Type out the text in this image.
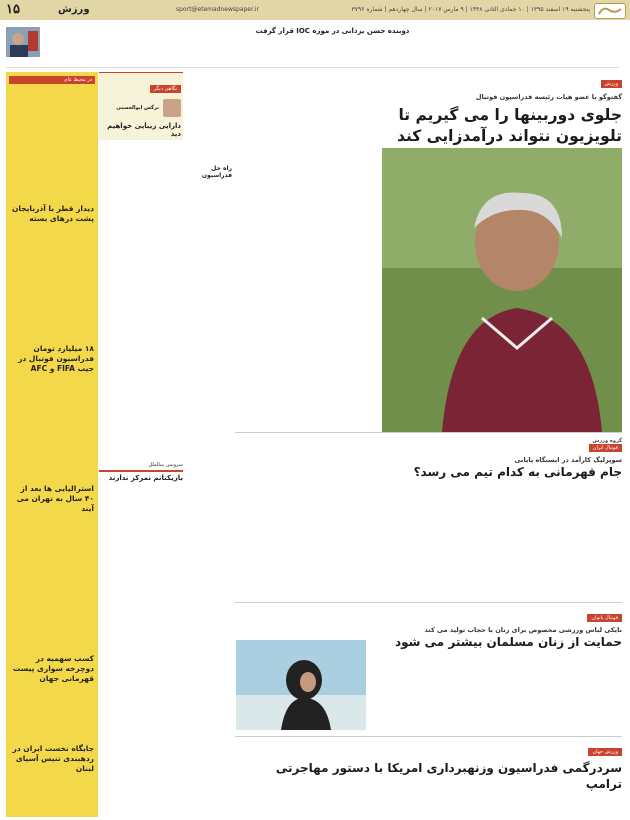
۱۵	ورزش	sport@etemadnewspaper.ir	پنجشنبه ۱۹ اسفند ۱۳۹۵ | ۱۰ جمادی الثانی ۱۴۳۸ | ۹ مارس ۲۰۱۷ | سال چهاردهم | شماره ۳۷۹۶
دوبنده حسن یزدانی در موزه IOC قرار گرفت
ورزش
گفتوگو با عضو هیات رئیسه فدراسیون فوتبال
جلوی دوربینها را می گیریم تا تلویزیون نتواند درآمدزایی کند
گروه ورزش
فوتبال ایران
سوپرلیگ کارآمد در ایستگاه پایانی
جام قهرمانی به کدام تیم می رسد؟
فوتبال بانوان
نایکی لباس ورزشی مخصوص برای زنان با حجاب تولید می کند
حمایت از زنان مسلمان بیشتر می شود
ورزش جهان
سردرگمی فدراسیون وزنهبرداری امریکا با دستور مهاجرتی ترامپ
راه حل فدراسیون
نگاهی دیگر
نرگس ابوالحسنی
دارایی زیبایی خواهیم دید
سرویس بینالملل
بازیکنانم تمرکز ندارند
در محیط عام
دیدار قطر با آذربایجان پشت درهای بسته
۱۸ میلیارد تومان فدراسیون فوتبال در جیب FIFA و AFC
استرالیایی ها بعد از ۴۰ سال به تهران می آیند
کسب سهمیه در دوچرخه سواری پیست قهرمانی جهان
جایگاه نخست ایران در ردهبندی تنیس آسیای لبنان
